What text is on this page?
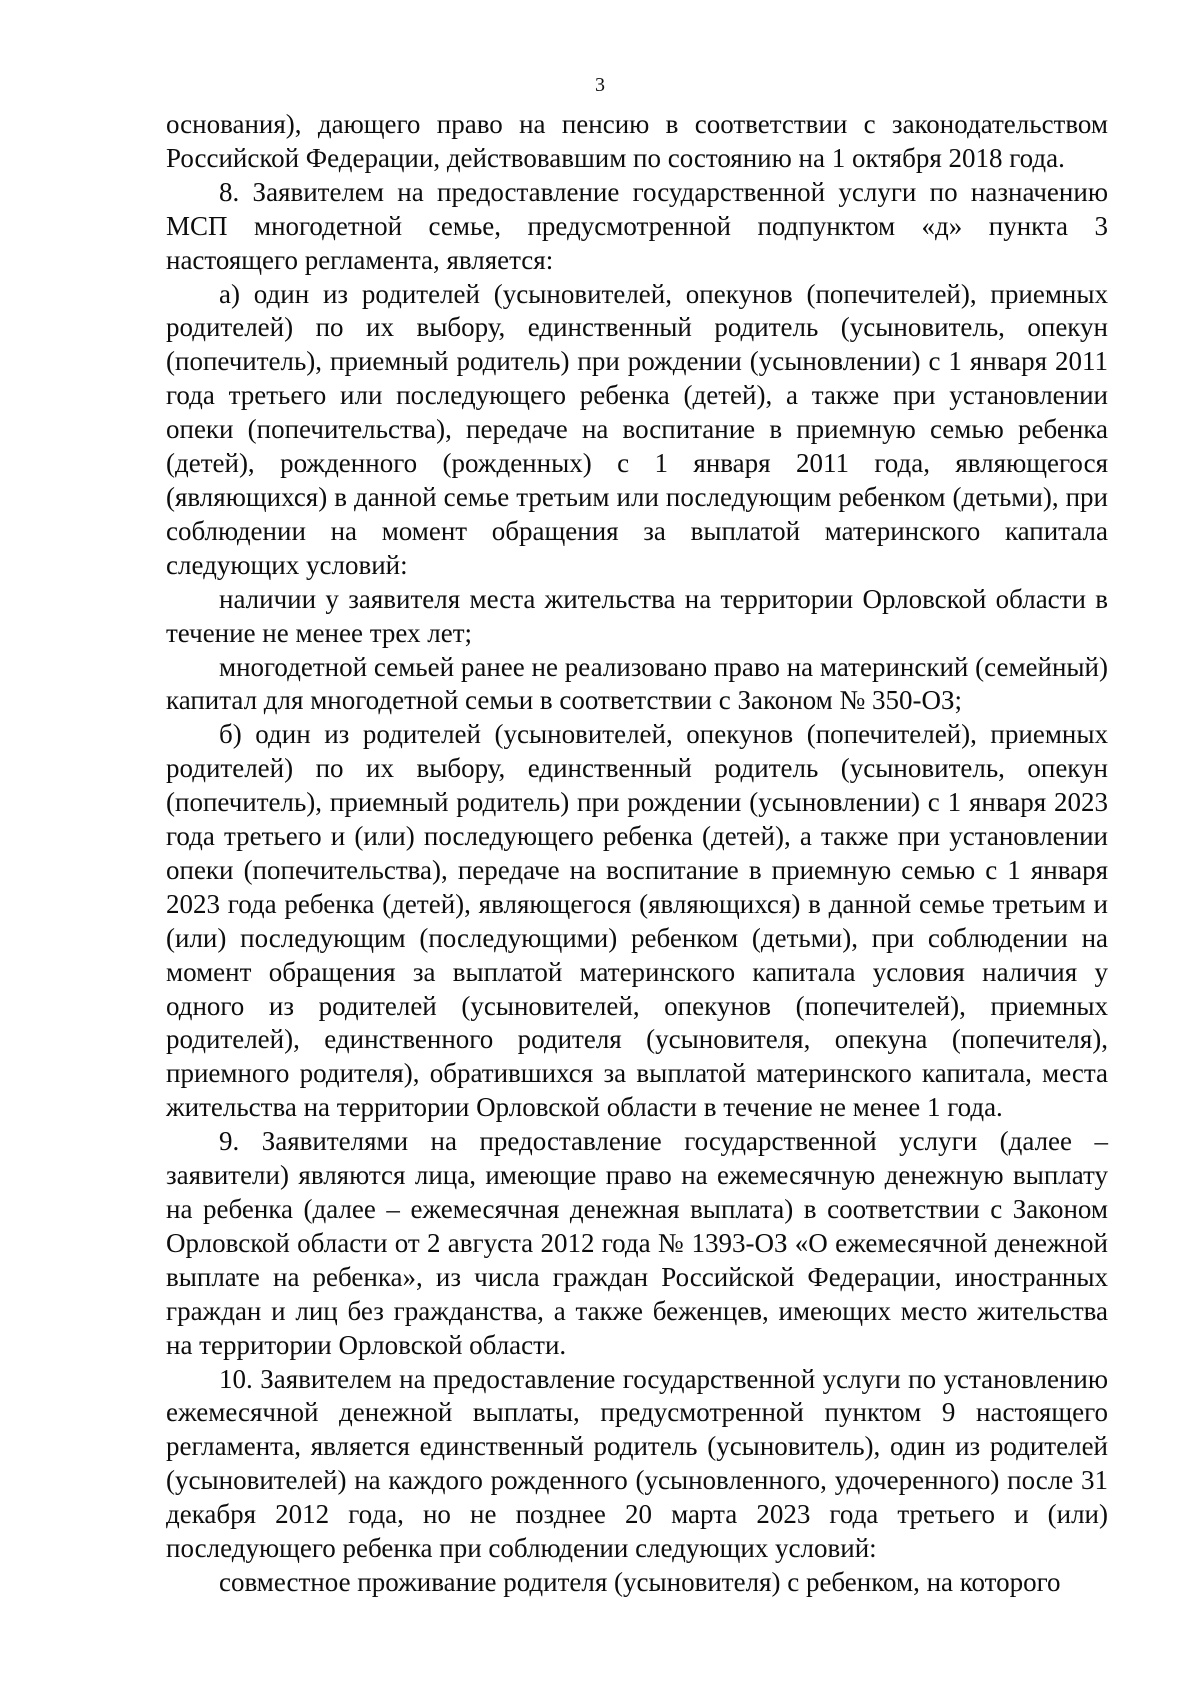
3

основания), дающего право на пенсию в соответствии с законодательством Российской Федерации, действовавшим по состоянию на 1 октября 2018 года.

8. Заявителем на предоставление государственной услуги по назначению МСП многодетной семье, предусмотренной подпунктом «д» пункта 3 настоящего регламента, является:

а) один из родителей (усыновителей, опекунов (попечителей), приемных родителей) по их выбору, единственный родитель (усыновитель, опекун (попечитель), приемный родитель) при рождении (усыновлении) с 1 января 2011 года третьего или последующего ребенка (детей), а также при установлении опеки (попечительства), передаче на воспитание в приемную семью ребенка (детей), рожденного (рожденных) с 1 января 2011 года, являющегося (являющихся) в данной семье третьим или последующим ребенком (детьми), при соблюдении на момент обращения за выплатой материнского капитала следующих условий:

наличии у заявителя места жительства на территории Орловской области в течение не менее трех лет;

многодетной семьей ранее не реализовано право на материнский (семейный) капитал для многодетной семьи в соответствии с Законом № 350-ОЗ;

б) один из родителей (усыновителей, опекунов (попечителей), приемных родителей) по их выбору, единственный родитель (усыновитель, опекун (попечитель), приемный родитель) при рождении (усыновлении) с 1 января 2023 года третьего и (или) последующего ребенка (детей), а также при установлении опеки (попечительства), передаче на воспитание в приемную семью с 1 января 2023 года ребенка (детей), являющегося (являющихся) в данной семье третьим и (или) последующим (последующими) ребенком (детьми), при соблюдении на момент обращения за выплатой материнского капитала условия наличия у одного из родителей (усыновителей, опекунов (попечителей), приемных родителей), единственного родителя (усыновителя, опекуна (попечителя), приемного родителя), обратившихся за выплатой материнского капитала, места жительства на территории Орловской области в течение не менее 1 года.

9. Заявителями на предоставление государственной услуги (далее – заявители) являются лица, имеющие право на ежемесячную денежную выплату на ребенка (далее – ежемесячная денежная выплата) в соответствии с Законом Орловской области от 2 августа 2012 года № 1393-ОЗ «О ежемесячной денежной выплате на ребенка», из числа граждан Российской Федерации, иностранных граждан и лиц без гражданства, а также беженцев, имеющих место жительства на территории Орловской области.

10. Заявителем на предоставление государственной услуги по установлению ежемесячной денежной выплаты, предусмотренной пунктом 9 настоящего регламента, является единственный родитель (усыновитель), один из родителей (усыновителей) на каждого рожденного (усыновленного, удочеренного) после 31 декабря 2012 года, но не позднее 20 марта 2023 года третьего и (или) последующего ребенка при соблюдении следующих условий:

совместное проживание родителя (усыновителя) с ребенком, на которого
